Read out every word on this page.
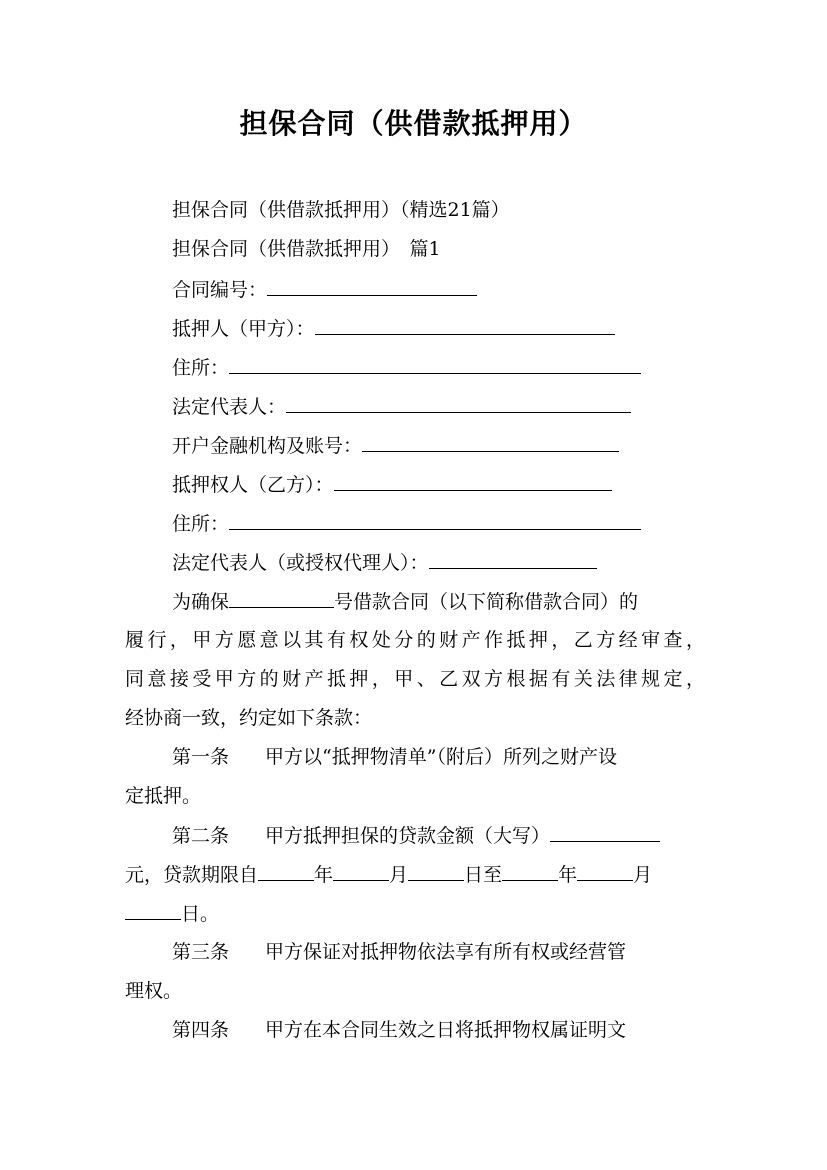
担保合同（供借款抵押用）
担保合同（供借款抵押用）（精选21篇）
担保合同（供借款抵押用）　篇1
合同编号：
抵押人（甲方）：
住所：
法定代表人：
开户金融机构及账号：
抵押权人（乙方）：
住所：
法定代表人（或授权代理人）：
为确保	号借款合同（以下简称借款合同）的
履行，甲方愿意以其有权处分的财产作抵押，乙方经审查，
同意接受甲方的财产抵押，甲、乙双方根据有关法律规定，
经协商一致，约定如下条款：
第一条 甲方以“抵押物清单”（附后）所列之财产设
定抵押。
第二条 甲方抵押担保的贷款金额（大写）
元，贷款期限自	年	月	日至	年	月
日。
第三条 甲方保证对抵押物依法享有所有权或经营管
理权。
第四条 甲方在本合同生效之日将抵押物权属证明文
